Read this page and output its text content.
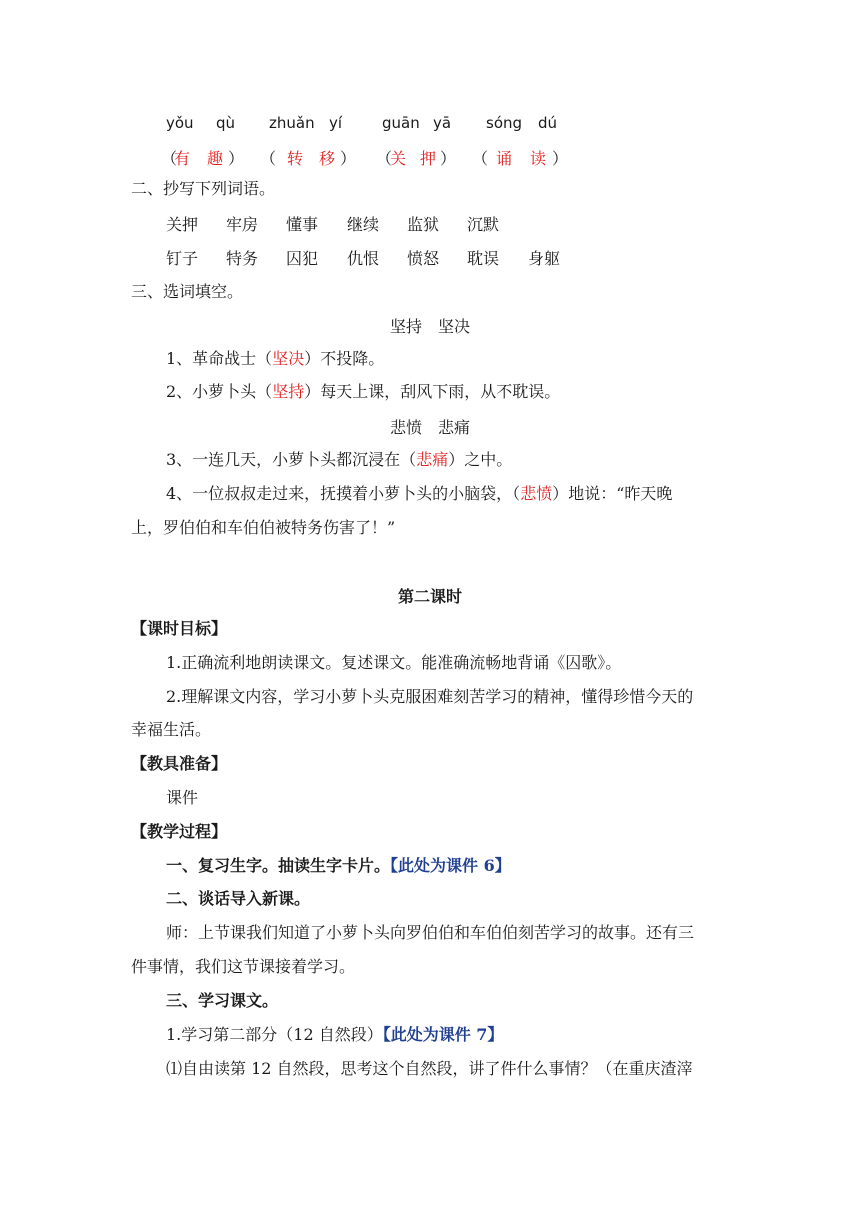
yǒu qù zhuǎn yí	guān yā sóng dú
（
有 趣 ） （ 转 移 ） （
关 押 ） （ 诵 读 ）
二、抄写下列词语。
关押 牢房 懂事 继续 监狱 沉默
钉子 特务 囚犯 仇恨 愤怒 耽误 身躯
三、选词填空。
坚持　坚决
1、革命战士（坚决）不投降。
2、小萝卜头（坚持）每天上课，刮风下雨，从不耽误。
悲愤　悲痛
3、一连几天，小萝卜头都沉浸在（悲痛）之中。
4、一位叔叔走过来，抚摸着小萝卜头的小脑袋，（悲愤）地说：“昨天晚
上，罗伯伯和车伯伯被特务伤害了！”
第二课时
【课时目标】
1.正确流利地朗读课文。复述课文。能准确流畅地背诵《囚歌》。
2.理解课文内容，学习小萝卜头克服困难刻苦学习的精神，懂得珍惜今天的
幸福生活。
【教具准备】
课件
【教学过程】
一、复习生字。抽读生字卡片。【此处为课件 6】
二、谈话导入新课。
师：上节课我们知道了小萝卜头向罗伯伯和车伯伯刻苦学习的故事。还有三
件事情，我们这节课接着学习。
三、学习课文。
1.学习第二部分（12 自然段）【此处为课件 7】
⑴自由读第 12 自然段，思考这个自然段，讲了件什么事情？（在重庆渣滓
